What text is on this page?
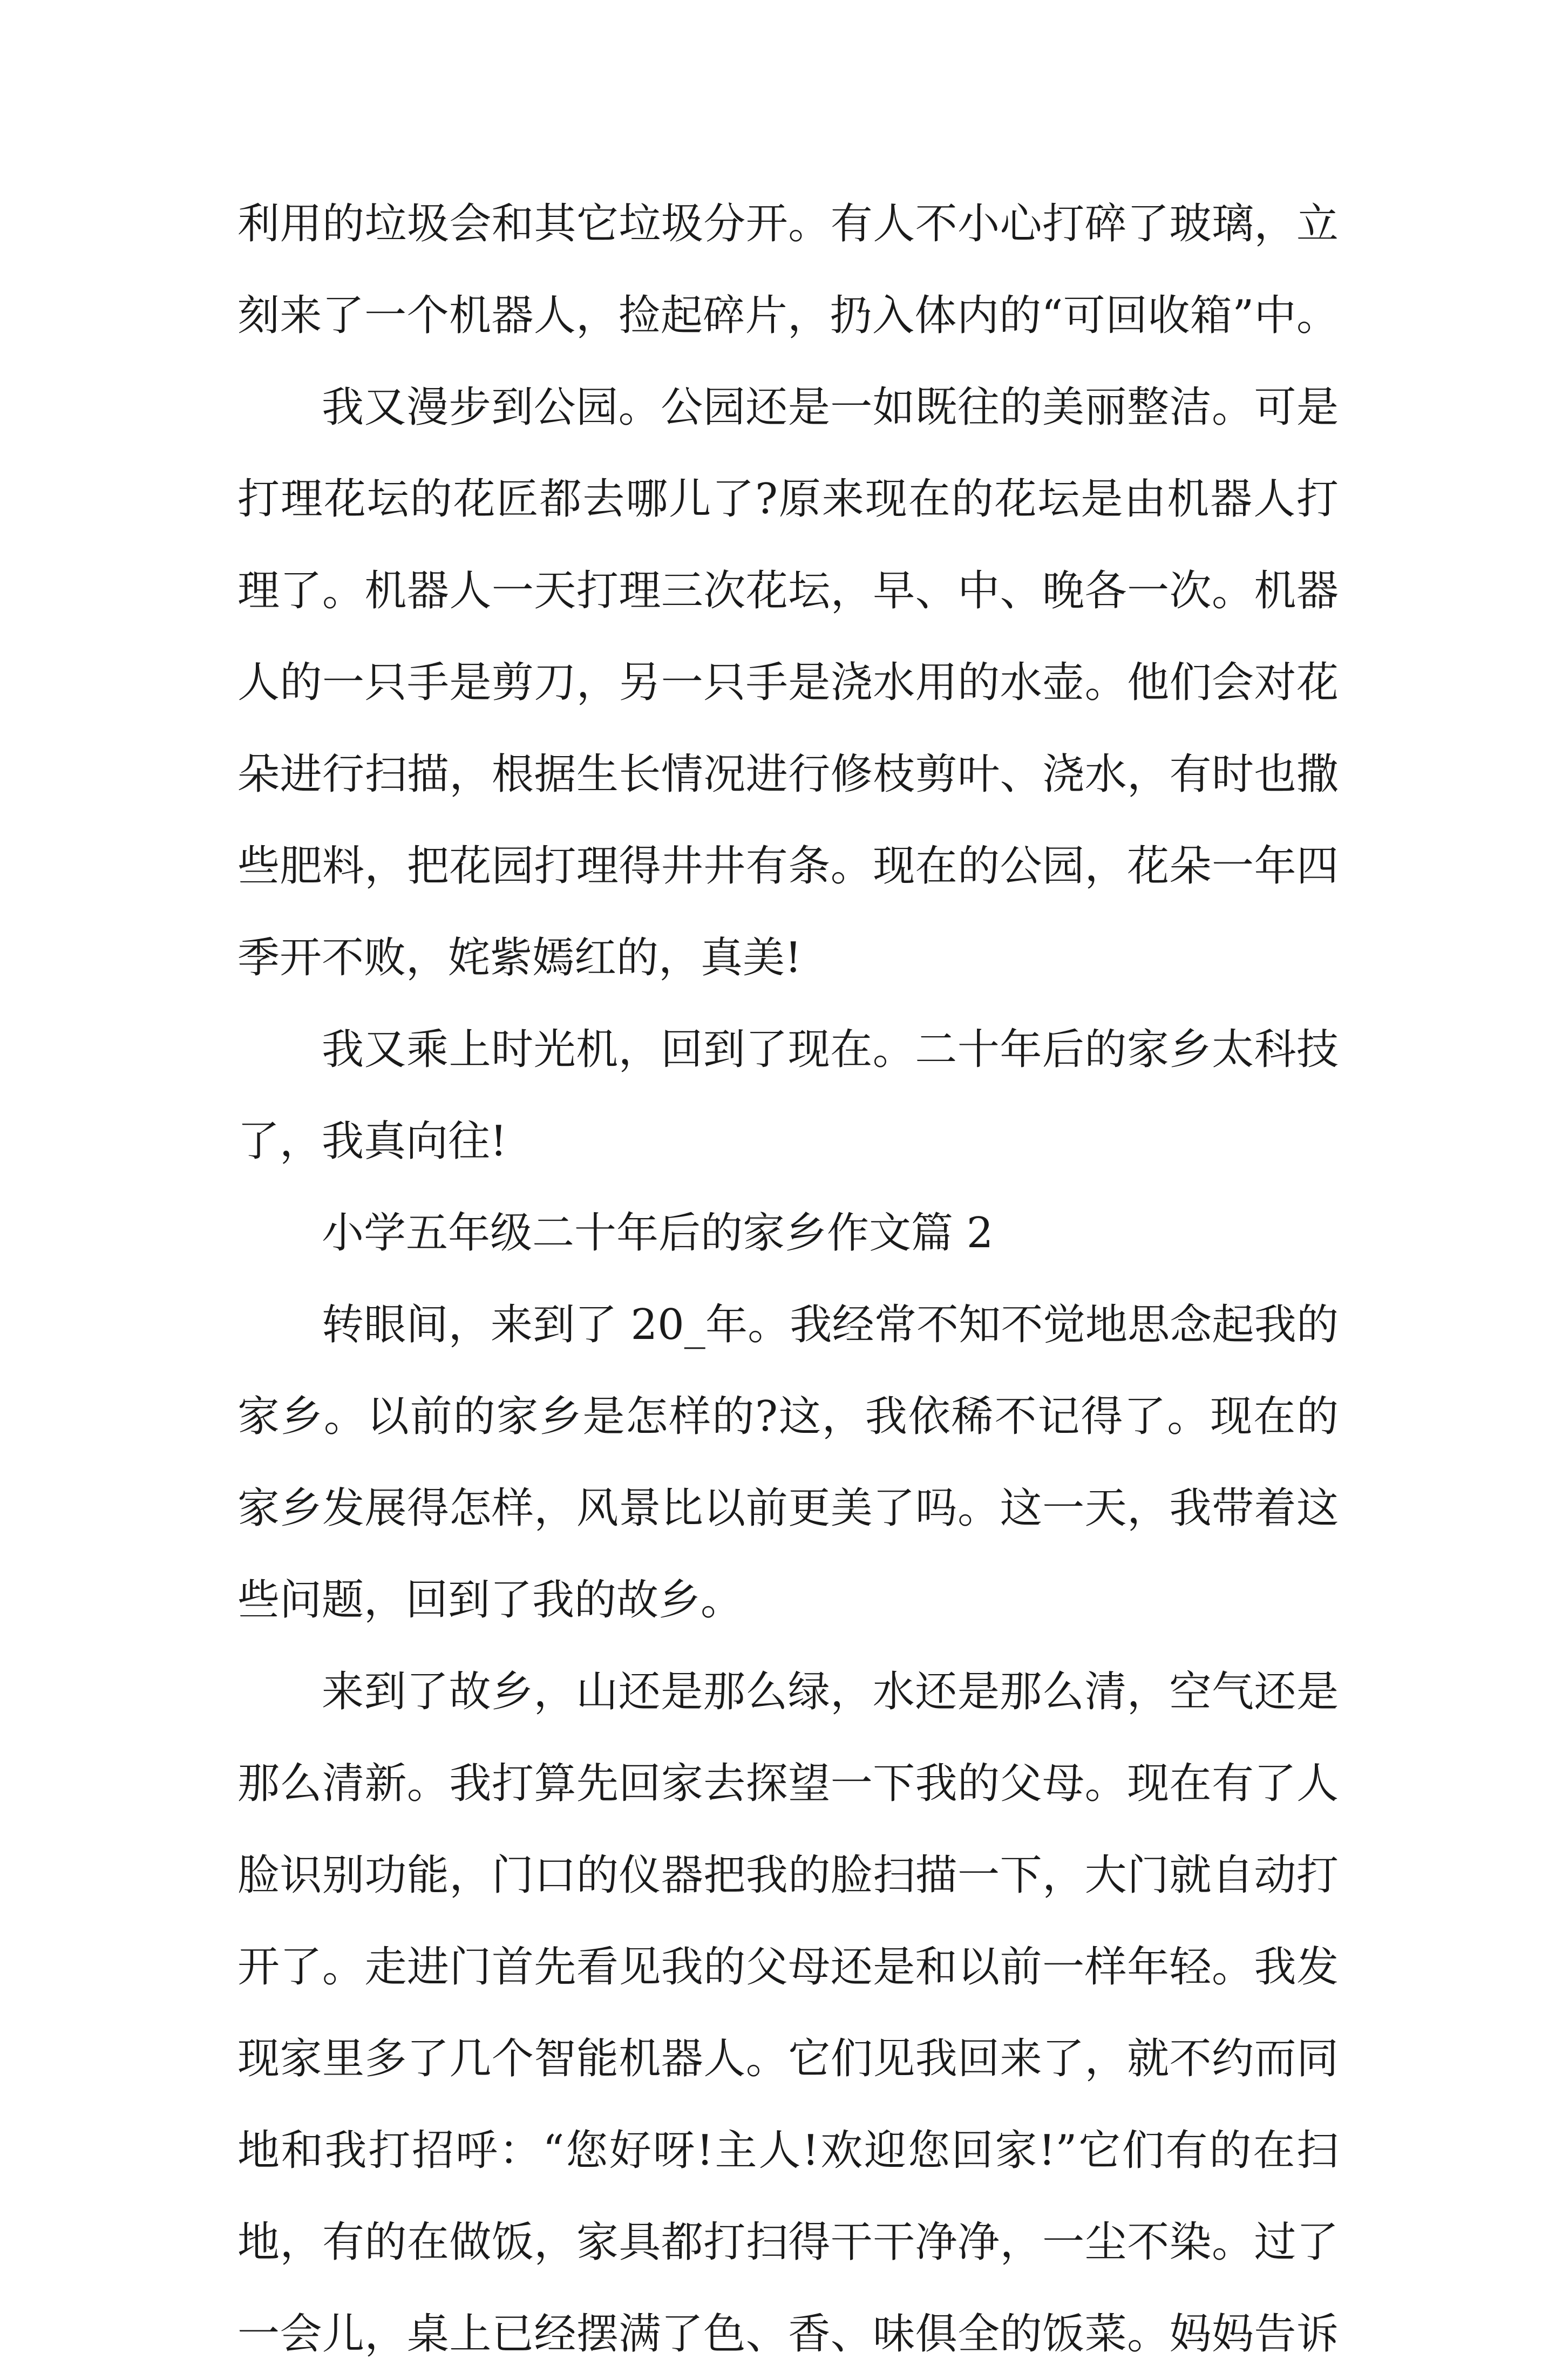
利用的垃圾会和其它垃圾分开。有人不小心打碎了玻璃，立
刻来了一个机器人，捡起碎片，扔入体内的“可回收箱”中。
我又漫步到公园。公园还是一如既往的美丽整洁。可是
打理花坛的花匠都去哪儿了?原来现在的花坛是由机器人打
理了。机器人一天打理三次花坛，早、中、晚各一次。机器
人的一只手是剪刀，另一只手是浇水用的水壶。他们会对花
朵进行扫描，根据生长情况进行修枝剪叶、浇水，有时也撒
些肥料，把花园打理得井井有条。现在的公园，花朵一年四
季开不败，姹紫嫣红的，真美!
我又乘上时光机，回到了现在。二十年后的家乡太科技
了，我真向往!
小学五年级二十年后的家乡作文篇 2
转眼间，来到了 20_年。我经常不知不觉地思念起我的
家乡。以前的家乡是怎样的?这，我依稀不记得了。现在的
家乡发展得怎样，风景比以前更美了吗。这一天，我带着这
些问题，回到了我的故乡。
来到了故乡，山还是那么绿，水还是那么清，空气还是
那么清新。我打算先回家去探望一下我的父母。现在有了人
脸识别功能，门口的仪器把我的脸扫描一下，大门就自动打
开了。走进门首先看见我的父母还是和以前一样年轻。我发
现家里多了几个智能机器人。它们见我回来了，就不约而同
地和我打招呼：“您好呀!主人!欢迎您回家!”它们有的在扫
地，有的在做饭，家具都打扫得干干净净，一尘不染。过了
一会儿，桌上已经摆满了色、香、味俱全的饭菜。妈妈告诉
